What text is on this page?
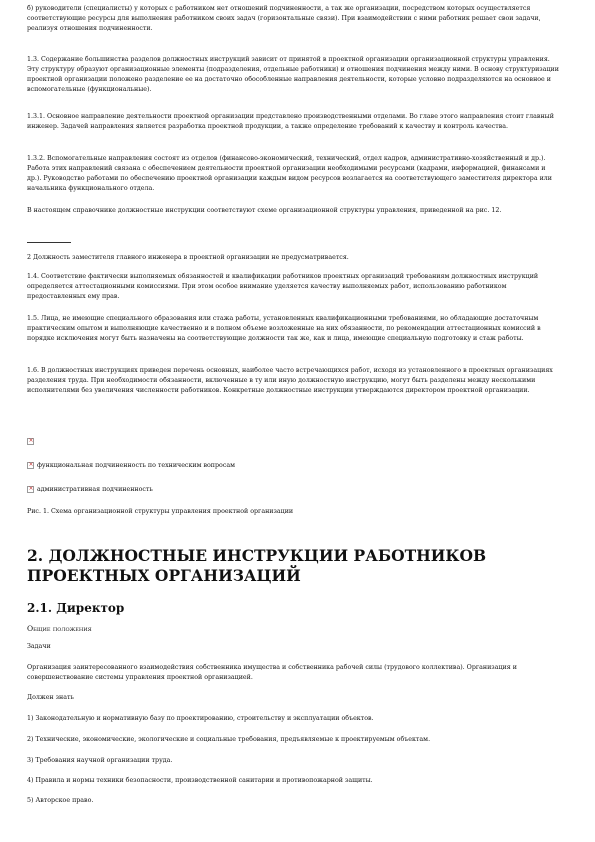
б) руководители (специалисты) у которых с работником нет отношений подчиненности, а так же организации, посредством которых осуществляется соответствующие ресурсы для выполнения работником своих задач (горизонтальные связи). При взаимодействии с ними работник решает свои задачи, реализуя отношения подчиненности.

1.3. Содержание большинства разделов должностных инструкций зависит от принятой в проектной организации организационной структуры управления. Эту структуру образуют организационные элементы (подразделения, отдельные работники) и отношения подчинения между ними. В основу структуризации проектной организации положено разделение ее на достаточно обособленные направления деятельности, которые условно подразделяются на основное и вспомогательные (функциональные).

1.3.1. Основное направление деятельности проектной организации представлено производственными отделами. Во главе этого направления стоит главный инженер. Задачей направления является разработка проектной продукции, а также определение требований к качеству и контроль качества.

1.3.2. Вспомогательные направления состоят из отделов (финансово-экономический, технический, отдел кадров, административно-хозяйственный и др.). Работа этих направлений связана с обеспечением деятельности проектной организации необходимыми ресурсами (кадрами, информацией, финансами и др.). Руководство работами по обеспечению проектной организации каждым видом ресурсов возлагается на соответствующего заместителя директора или начальника функционального отдела.

В настоящем справочнике должностные инструкции соответствуют схеме организационной структуры управления, приведенной на рис. 12.

2 Должность заместителя главного инженера в проектной организации не предусматривается.

1.4. Соответствие фактически выполняемых обязанностей и квалификации работников проектных организаций требованиям должностных инструкций определяется аттестационными комиссиями. При этом особое внимание уделяется качеству выполняемых работ, использованию работником предоставленных ему прав.

1.5. Лица, не имеющие специального образования или стажа работы, установленных квалификационными требованиями, но обладающие достаточным практическим опытом и выполняющие качественно и в полном объеме возложенные на них обязанности, по рекомендации аттестационных комиссий в порядке исключения могут быть назначены на соответствующие должности так же, как и лица, имеющие специальную подготовку и стаж работы.

1.6. В должностных инструкциях приведен перечень основных, наиболее часто встречающихся работ, исходя из установленного в проектных организациях разделения труда. При необходимости обязанности, включенные в ту или иную должностную инструкцию, могут быть разделены между несколькими исполнителями без увеличения численности работников. Конкретные должностные инструкции утверждаются директором проектной организации.

×
×функциональная подчиненность по техническим вопросам
×административная подчиненность

Рис. 1. Схема организационной структуры управления проектной организации

2. ДОЛЖНОСТНЫЕ ИНСТРУКЦИИ РАБОТНИКОВ
ПРОЕКТНЫХ ОРГАНИЗАЦИЙ
2.1. Директор
Общие положения

Задачи

Организация заинтересованного взаимодействия собственника имущества и собственника рабочей силы (трудового коллектива). Организация и совершенствование системы управления проектной организацией.

Должен знать

1) Законодательную и нормативную базу по проектированию, строительству и эксплуатации объектов.

2) Технические, экономические, экологические и социальные требования, предъявляемые к проектируемым объектам.

3) Требования научной организации труда.

4) Правила и нормы техники безопасности, производственной санитарии и противопожарной защиты.

5) Авторское право.
